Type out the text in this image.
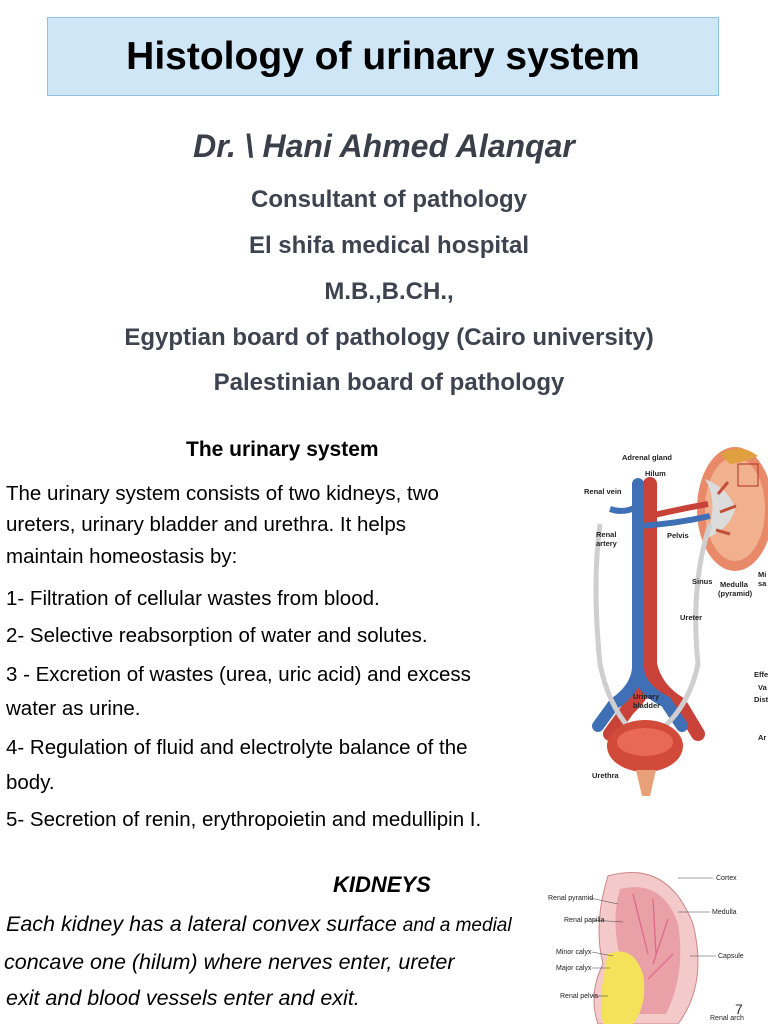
Histology of urinary system
Dr. \ Hani Ahmed Alanqar
Consultant of pathology
El shifa medical hospital
M.B.,B.CH.,
Egyptian board of pathology (Cairo university)
Palestinian board of pathology
The urinary system
The urinary system consists of two kidneys, two
ureters, urinary bladder and urethra. It helps
maintain homeostasis by:
1- Filtration of cellular wastes from blood.
2- Selective reabsorption of water and solutes.
3 - Excretion of wastes (urea, uric acid) and excess
water as urine.
4- Regulation of fluid and electrolyte balance of the
body.
5- Secretion of renin, erythropoietin and medullipin I.
KIDNEYS
Each kidney has a lateral convex surface and a medial
concave one (hilum) where nerves enter, ureter
exit and blood vessels enter and exit.
Adrenal gland
Hilum
Renal vein
Renal
artery
Pelvis
Sinus Medulla
(pyramid)
Ureter
Urinary
bladder
Urethra
Mi
sa
Effe
Va
Dist
Ar
Renal pyramid
Renal papilla
Minor calyx
Major calyx
Renal pelvis
Cortex
Medulla
Capsule
Renal arch
7
